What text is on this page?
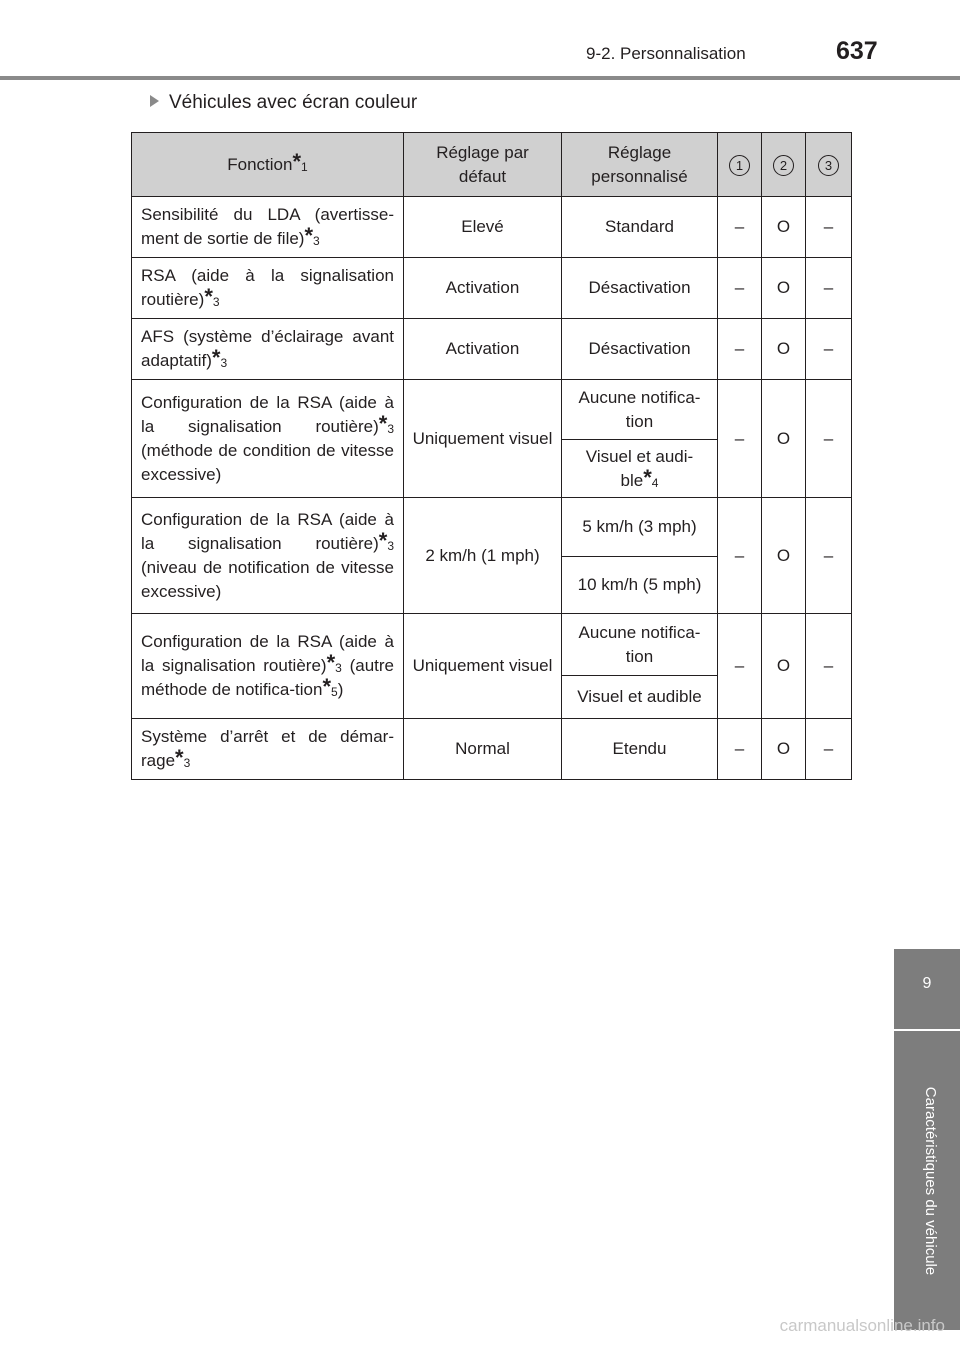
9-2. Personnalisation	637
Véhicules avec écran couleur
Fonction*$^1$	Réglage par défaut	Réglage personnalisé	1	2	3
Sensibilité du LDA (avertisse-ment de sortie de file)*$^3$	Elevé	Standard	–	O	–
RSA (aide à la signalisation routière)*$^3$	Activation	Désactivation	–	O	–
AFS (système d’éclairage avant adaptatif)*$^3$	Activation	Désactivation	–	O	–
Configuration de la RSA (aide à la signalisation routière)*$^3$ (méthode de condition de vitesse excessive)	Uniquement visuel	Aucune notifica-tion	–	O	–
		Visuel et audi-ble*$^4$
Configuration de la RSA (aide à la signalisation routière)*$^3$ (niveau de notification de vitesse excessive)	2 km/h (1 mph)	5 km/h (3 mph)	–	O	–
		10 km/h (5 mph)			
Configuration de la RSA (aide à la signalisation routière)*$^3$ (autre méthode de notifica-tion*$^5$)	Uniquement visuel	Aucune notifica-tion	–	O	–
		Visuel et audible			
Système d’arrêt et de démar-rage*$^3$	Normal	Etendu	–	O	–
9
Caractéristiques du véhicule
carmanualsonline.info
